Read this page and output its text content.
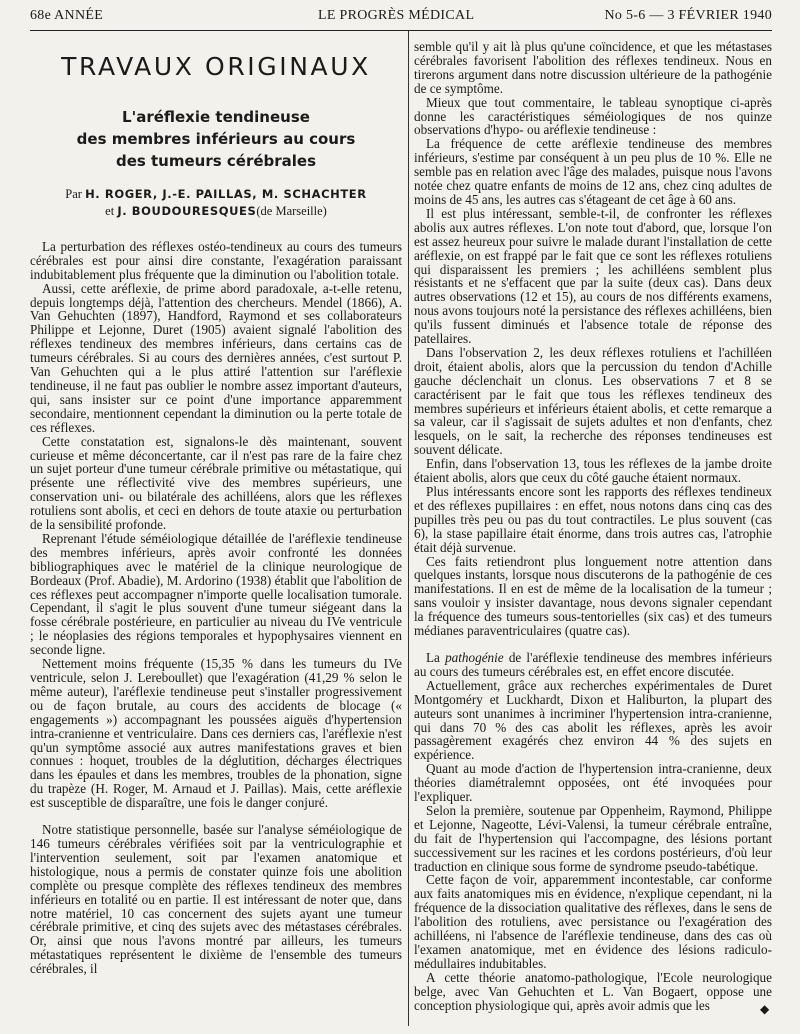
68e ANNÉE	LE PROGRÈS MÉDICAL	No 5-6 — 3 FÉVRIER 1940
TRAVAUX ORIGINAUX
L'aréflexie tendineuse
des membres inférieurs au cours
des tumeurs cérébrales
Par H. ROGER, J.-E. PAILLAS, M. SCHACHTER
et J. BOUDOURESQUES(de Marseille)

La perturbation des réflexes ostéo-tendineux au cours des tumeurs cérébrales est pour ainsi dire constante, l'exagération paraissant indubitablement plus fréquente que la diminution ou l'abolition totale.

Aussi, cette aréflexie, de prime abord paradoxale, a-t-elle retenu, depuis longtemps déjà, l'attention des chercheurs. Mendel (1866), A. Van Gehuchten (1897), Handford, Raymond et ses collaborateurs Philippe et Lejonne, Duret (1905) avaient signalé l'abolition des réflexes tendineux des membres inférieurs, dans certains cas de tumeurs cérébrales. Si au cours des dernières années, c'est surtout P. Van Gehuchten qui a le plus attiré l'attention sur l'aréflexie tendineuse, il ne faut pas oublier le nombre assez important d'auteurs, qui, sans insister sur ce point d'une importance apparemment secondaire, mentionnent cependant la diminution ou la perte totale de ces réflexes.

Cette constatation est, signalons-le dès maintenant, souvent curieuse et même déconcertante, car il n'est pas rare de la faire chez un sujet porteur d'une tumeur cérébrale primitive ou métastatique, qui présente une réflectivité vive des membres supérieurs, une conservation uni- ou bilatérale des achilléens, alors que les réflexes rotuliens sont abolis, et ceci en dehors de toute ataxie ou perturbation de la sensibilité profonde.

Reprenant l'étude séméiologique détaillée de l'aréflexie tendineuse des membres inférieurs, après avoir confronté les données bibliographiques avec le matériel de la clinique neurologique de Bordeaux (Prof. Abadie), M. Ardorino (1938) établit que l'abolition de ces réflexes peut accompagner n'importe quelle localisation tumorale. Cependant, il s'agit le plus souvent d'une tumeur siégeant dans la fosse cérébrale postérieure, en particulier au niveau du IVe ventricule ; le néoplasies des régions temporales et hypophysaires viennent en seconde ligne.

Nettement moins fréquente (15,35 % dans les tumeurs du IVe ventricule, selon J. Lereboullet) que l'exagération (41,29 % selon le même auteur), l'aréflexie tendineuse peut s'installer progressivement ou de façon brutale, au cours des accidents de blocage (« engagements ») accompagnant les poussées aiguës d'hypertension intra-cranienne et ventriculaire. Dans ces derniers cas, l'aréflexie n'est qu'un symptôme associé aux autres manifestations graves et bien connues : hoquet, troubles de la déglutition, décharges électriques dans les épaules et dans les membres, troubles de la phonation, signe du trapèze (H. Roger, M. Arnaud et J. Paillas). Mais, cette aréflexie est susceptible de disparaître, une fois le danger conjuré.

Notre statistique personnelle, basée sur l'analyse séméiologique de 146 tumeurs cérébrales vérifiées soit par la ventriculographie et l'intervention seulement, soit par l'examen anatomique et histologique, nous a permis de constater quinze fois une abolition complète ou presque complète des réflexes tendineux des membres inférieurs en totalité ou en partie. Il est intéressant de noter que, dans notre matériel, 10 cas concernent des sujets ayant une tumeur cérébrale primitive, et cinq des sujets avec des métastases cérébrales. Or, ainsi que nous l'avons montré par ailleurs, les tumeurs métastatiques représentent le dixième de l'ensemble des tumeurs cérébrales, il

semble qu'il y ait là plus qu'une coïncidence, et que les métastases cérébrales favorisent l'abolition des réflexes tendineux. Nous en tirerons argument dans notre discussion ultérieure de la pathogénie de ce symptôme.

Mieux que tout commentaire, le tableau synoptique ci-après donne les caractéristiques séméiologiques de nos quinze observations d'hypo- ou aréflexie tendineuse :

La fréquence de cette aréflexie tendineuse des membres inférieurs, s'estime par conséquent à un peu plus de 10 %. Elle ne semble pas en relation avec l'âge des malades, puisque nous l'avons notée chez quatre enfants de moins de 12 ans, chez cinq adultes de moins de 45 ans, les autres cas s'étageant de cet âge à 60 ans.

Il est plus intéressant, semble-t-il, de confronter les réflexes abolis aux autres réflexes. L'on note tout d'abord, que, lorsque l'on est assez heureux pour suivre le malade durant l'installation de cette aréflexie, on est frappé par le fait que ce sont les réflexes rotuliens qui disparaissent les premiers ; les achilléens semblent plus résistants et ne s'effacent que par la suite (deux cas). Dans deux autres observations (12 et 15), au cours de nos différents examens, nous avons toujours noté la persistance des réflexes achilléens, bien qu'ils fussent diminués et l'absence totale de réponse des patellaires.

Dans l'observation 2, les deux réflexes rotuliens et l'achilléen droit, étaient abolis, alors que la percussion du tendon d'Achille gauche déclenchait un clonus. Les observations 7 et 8 se caractérisent par le fait que tous les réflexes tendineux des membres supérieurs et inférieurs étaient abolis, et cette remarque a sa valeur, car il s'agissait de sujets adultes et non d'enfants, chez lesquels, on le sait, la recherche des réponses tendineuses est souvent délicate.

Enfin, dans l'observation 13, tous les réflexes de la jambe droite étaient abolis, alors que ceux du côté gauche étaient normaux.

Plus intéressants encore sont les rapports des réflexes tendineux et des réflexes pupillaires : en effet, nous notons dans cinq cas des pupilles très peu ou pas du tout contractiles. Le plus souvent (cas 6), la stase papillaire était énorme, dans trois autres cas, l'atrophie était déjà survenue.

Ces faits retiendront plus longuement notre attention dans quelques instants, lorsque nous discuterons de la pathogénie de ces manifestations. Il en est de même de la localisation de la tumeur ; sans vouloir y insister davantage, nous devons signaler cependant la fréquence des tumeurs sous-tentorielles (six cas) et des tumeurs médianes paraventriculaires (quatre cas).

La pathogénie de l'aréflexie tendineuse des membres inférieurs au cours des tumeurs cérébrales est, en effet encore discutée.

Actuellement, grâce aux recherches expérimentales de Duret Montgoméry et Luckhardt, Dixon et Haliburton, la plupart des auteurs sont unanimes à incriminer l'hypertension intra-cranienne, qui dans 70 % des cas abolit les réflexes, après les avoir passagèrement exagérés chez environ 44 % des sujets en expérience.

Quant au mode d'action de l'hypertension intra-cranienne, deux théories diamétralemnt opposées, ont été invoquées pour l'expliquer.

Selon la première, soutenue par Oppenheim, Raymond, Philippe et Lejonne, Nageotte, Lévi-Valensi, la tumeur cérébrale entraîne, du fait de l'hypertension qui l'accompagne, des lésions portant successivement sur les racines et les cordons postérieurs, d'où leur traduction en clinique sous forme de syndrome pseudo-tabétique.

Cette façon de voir, apparemment incontestable, car conforme aux faits anatomiques mis en évidence, n'explique cependant, ni la fréquence de la dissociation qualitative des réflexes, dans le sens de l'abolition des rotuliens, avec persistance ou l'exagération des achilléens, ni l'absence de l'aréflexie tendineuse, dans des cas où l'examen anatomique, met en évidence des lésions radiculo-médullaires indubitables.

A cette théorie anatomo-pathologique, l'Ecole neurologique belge, avec Van Gehuchten et L. Van Bogaert, oppose une conception physiologique qui, après avoir admis que les	◆
